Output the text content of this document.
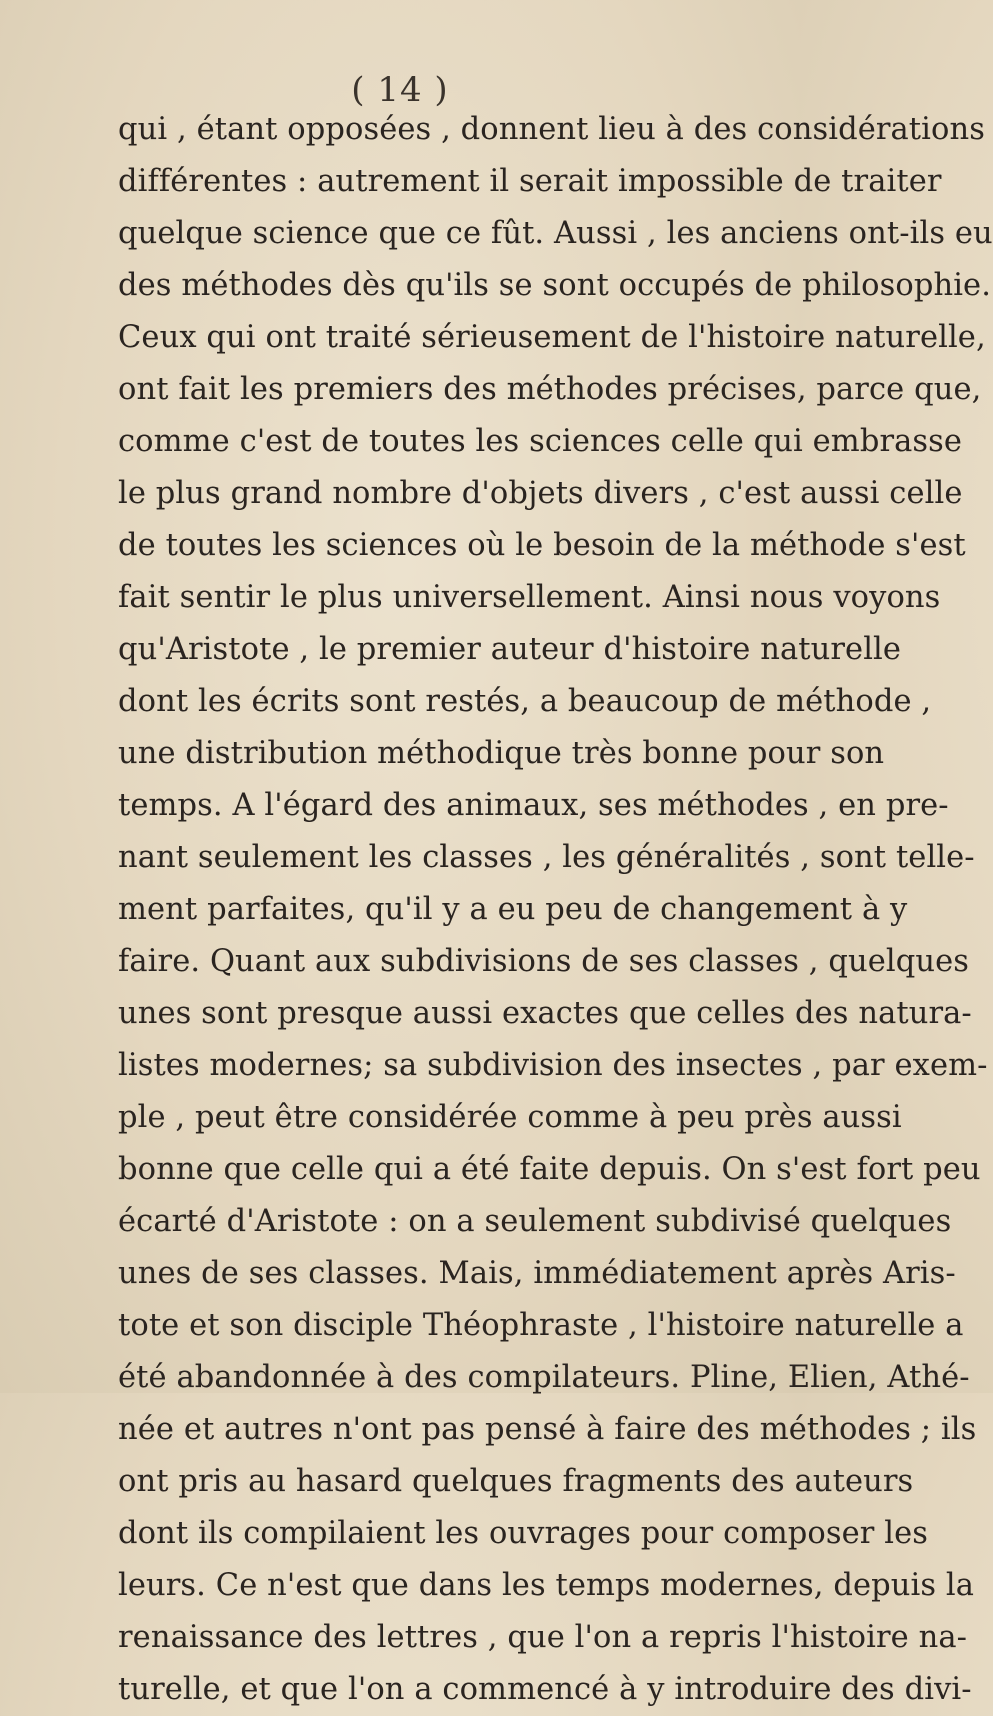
( 14 )
qui , étant opposées , donnent lieu à des considérations
différentes : autrement il serait impossible de traiter
quelque science que ce fût. Aussi , les anciens ont-ils eu
des méthodes dès qu'ils se sont occupés de philosophie.
Ceux qui ont traité sérieusement de l'histoire naturelle,
ont fait les premiers des méthodes précises, parce que,
comme c'est de toutes les sciences celle qui embrasse
le plus grand nombre d'objets divers , c'est aussi celle
de toutes les sciences où le besoin de la méthode s'est
fait sentir le plus universellement. Ainsi nous voyons
qu'Aristote , le premier auteur d'histoire naturelle
dont les écrits sont restés, a beaucoup de méthode ,
une distribution méthodique très bonne pour son
temps. A l'égard des animaux, ses méthodes , en pre-
nant seulement les classes , les généralités , sont telle-
ment parfaites, qu'il y a eu peu de changement à y
faire. Quant aux subdivisions de ses classes , quelques
unes sont presque aussi exactes que celles des natura-
listes modernes; sa subdivision des insectes , par exem-
ple , peut être considérée comme à peu près aussi
bonne que celle qui a été faite depuis. On s'est fort peu
écarté d'Aristote : on a seulement subdivisé quelques
unes de ses classes. Mais, immédiatement après Aris-
tote et son disciple Théophraste , l'histoire naturelle a
été abandonnée à des compilateurs. Pline, Elien, Athé-
née et autres n'ont pas pensé à faire des méthodes ; ils
ont pris au hasard quelques fragments des auteurs
dont ils compilaient les ouvrages pour composer les
leurs. Ce n'est que dans les temps modernes, depuis la
renaissance des lettres , que l'on a repris l'histoire na-
turelle, et que l'on a commencé à y introduire des divi-
